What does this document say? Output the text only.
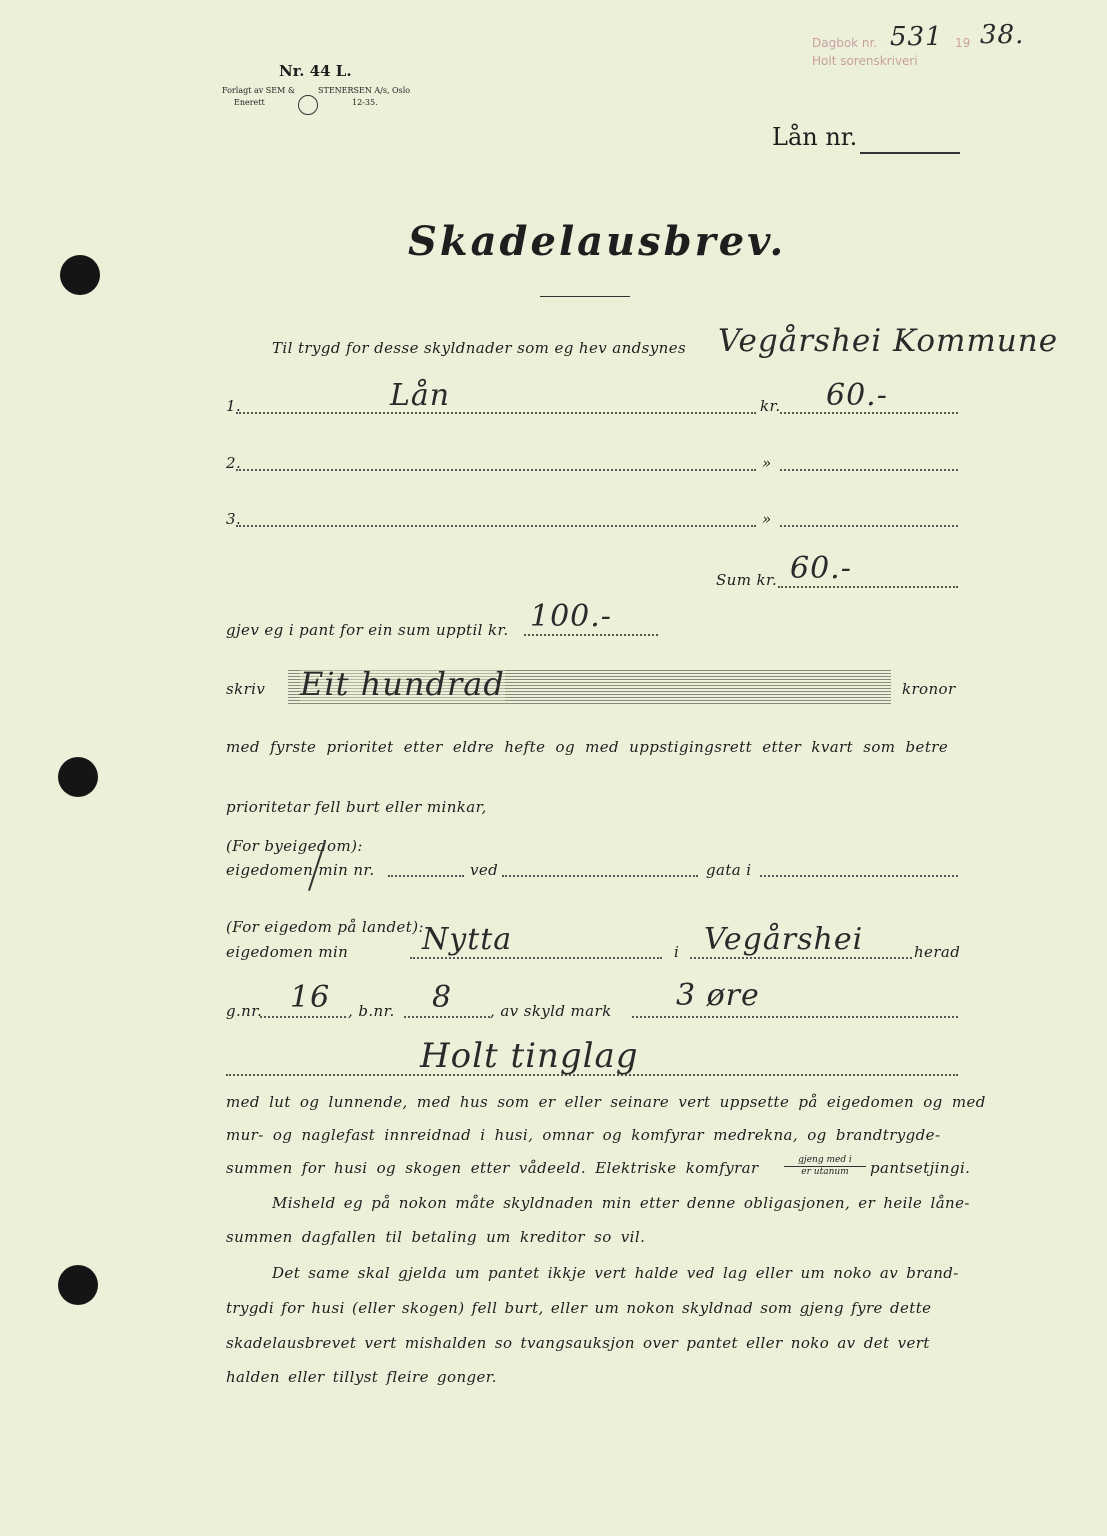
Nr. 44 L.
Forlagt av SEM &	STENERSEN A/s, Oslo
Enerett	12-35.
Dagbok nr. 531 19 38.
Holt sorenskriveri
Lån nr.
Skadelausbrev.
Til trygd for desse skyldnader som eg hev andsynes Vegårshei Kommune
1.	Lån	kr. 60.-
2.	»
3.	»
Sum kr. 60.-
gjev eg i pant for ein sum upptil kr. 100.-
skriv Eit hundrad	kronor
med fyrste prioritet etter eldre hefte og med uppstigingsrett etter kvart som betre
prioritetar fell burt eller minkar,
(For byeigedom):
eigedomen min nr.	ved	gata i
(For eigedom på landet):
eigedomen min Nytta	i Vegårshei	herad
g.nr. 16 , b.nr. 8	, av skyld mark 3 øre
Holt tinglag
med lut og lunnende, med hus som er eller seinare vert uppsette på eigedomen og med
mur- og naglefast innreidnad i husi, omnar og komfyrar medrekna, og brandtrygde-
summen for husi og skogen etter vådeeld. Elektriske komfyrar	gjeng med i
er utanum	pantsetjingi.
Misheld eg på nokon måte skyldnaden min etter denne obligasjonen, er heile låne-
summen dagfallen til betaling um kreditor so vil.
Det same skal gjelda um pantet ikkje vert halde ved lag eller um noko av brand-
trygdi for husi (eller skogen) fell burt, eller um nokon skyldnad som gjeng fyre dette
skadelausbrevet vert mishalden so tvangsauksjon over pantet eller noko av det vert
halden eller tillyst fleire gonger.
